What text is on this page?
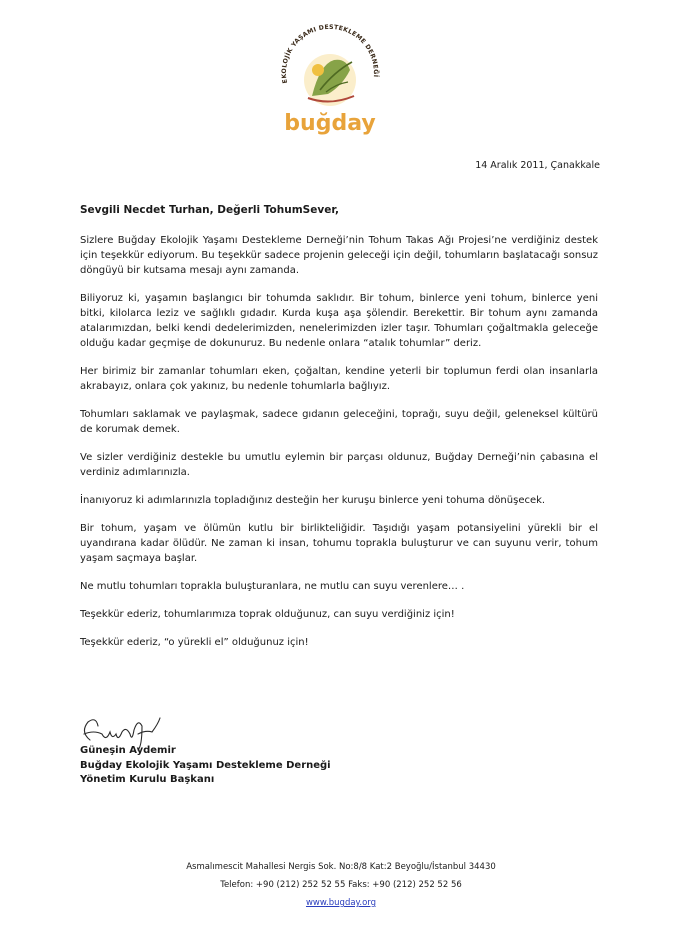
EKOLOJİK YAŞAMI DESTEKLEME DERNEĞİ
buğday
14 Aralık 2011, Çanakkale

Sevgili Necdet Turhan, Değerli TohumSever,

Sizlere Buğday Ekolojik Yaşamı Destekleme Derneği’nin Tohum Takas Ağı Projesi’ne verdiğiniz destek için teşekkür ediyorum. Bu teşekkür sadece projenin geleceği için değil, tohumların başlatacağı sonsuz döngüyü bir kutsama mesajı aynı zamanda.

Biliyoruz ki, yaşamın başlangıcı bir tohumda saklıdır. Bir tohum, binlerce yeni tohum, binlerce yeni bitki, kilolarca leziz ve sağlıklı gıdadır. Kurda kuşa aşa şölendir. Berekettir. Bir tohum aynı zamanda atalarımızdan, belki kendi dedelerimizden, nenelerimizden izler taşır. Tohumları çoğaltmakla geleceğe olduğu kadar geçmişe de dokunuruz. Bu nedenle onlara “atalık tohumlar” deriz.

Her birimiz bir zamanlar tohumları eken, çoğaltan, kendine yeterli bir toplumun ferdi olan insanlarla akrabayız, onlara çok yakınız, bu nedenle tohumlarla bağlıyız.

Tohumları saklamak ve paylaşmak, sadece gıdanın geleceğini, toprağı, suyu değil, geleneksel kültürü de korumak demek.

Ve sizler verdiğiniz destekle bu umutlu eylemin bir parçası oldunuz, Buğday Derneği’nin çabasına el verdiniz adımlarınızla.

İnanıyoruz ki adımlarınızla topladığınız desteğin her kuruşu binlerce yeni tohuma dönüşecek.

Bir tohum, yaşam ve ölümün kutlu bir birlikteliğidir. Taşıdığı yaşam potansiyelini yürekli bir el uyandırana kadar ölüdür. Ne zaman ki insan, tohumu toprakla buluşturur ve can suyunu verir, tohum yaşam saçmaya başlar.

Ne mutlu tohumları toprakla buluşturanlara, ne mutlu can suyu verenlere… .

Teşekkür ederiz, tohumlarımıza toprak olduğunuz, can suyu verdiğiniz için!

Teşekkür ederiz, “o yürekli el” olduğunuz için!

Güneşin Aydemir
Buğday Ekolojik Yaşamı Destekleme Derneği
Yönetim Kurulu Başkanı
Asmalımescit Mahallesi Nergis Sok. No:8/8 Kat:2 Beyoğlu/İstanbul 34430
Telefon: +90 (212) 252 52 55 Faks: +90 (212) 252 52 56
www.bugday.org
